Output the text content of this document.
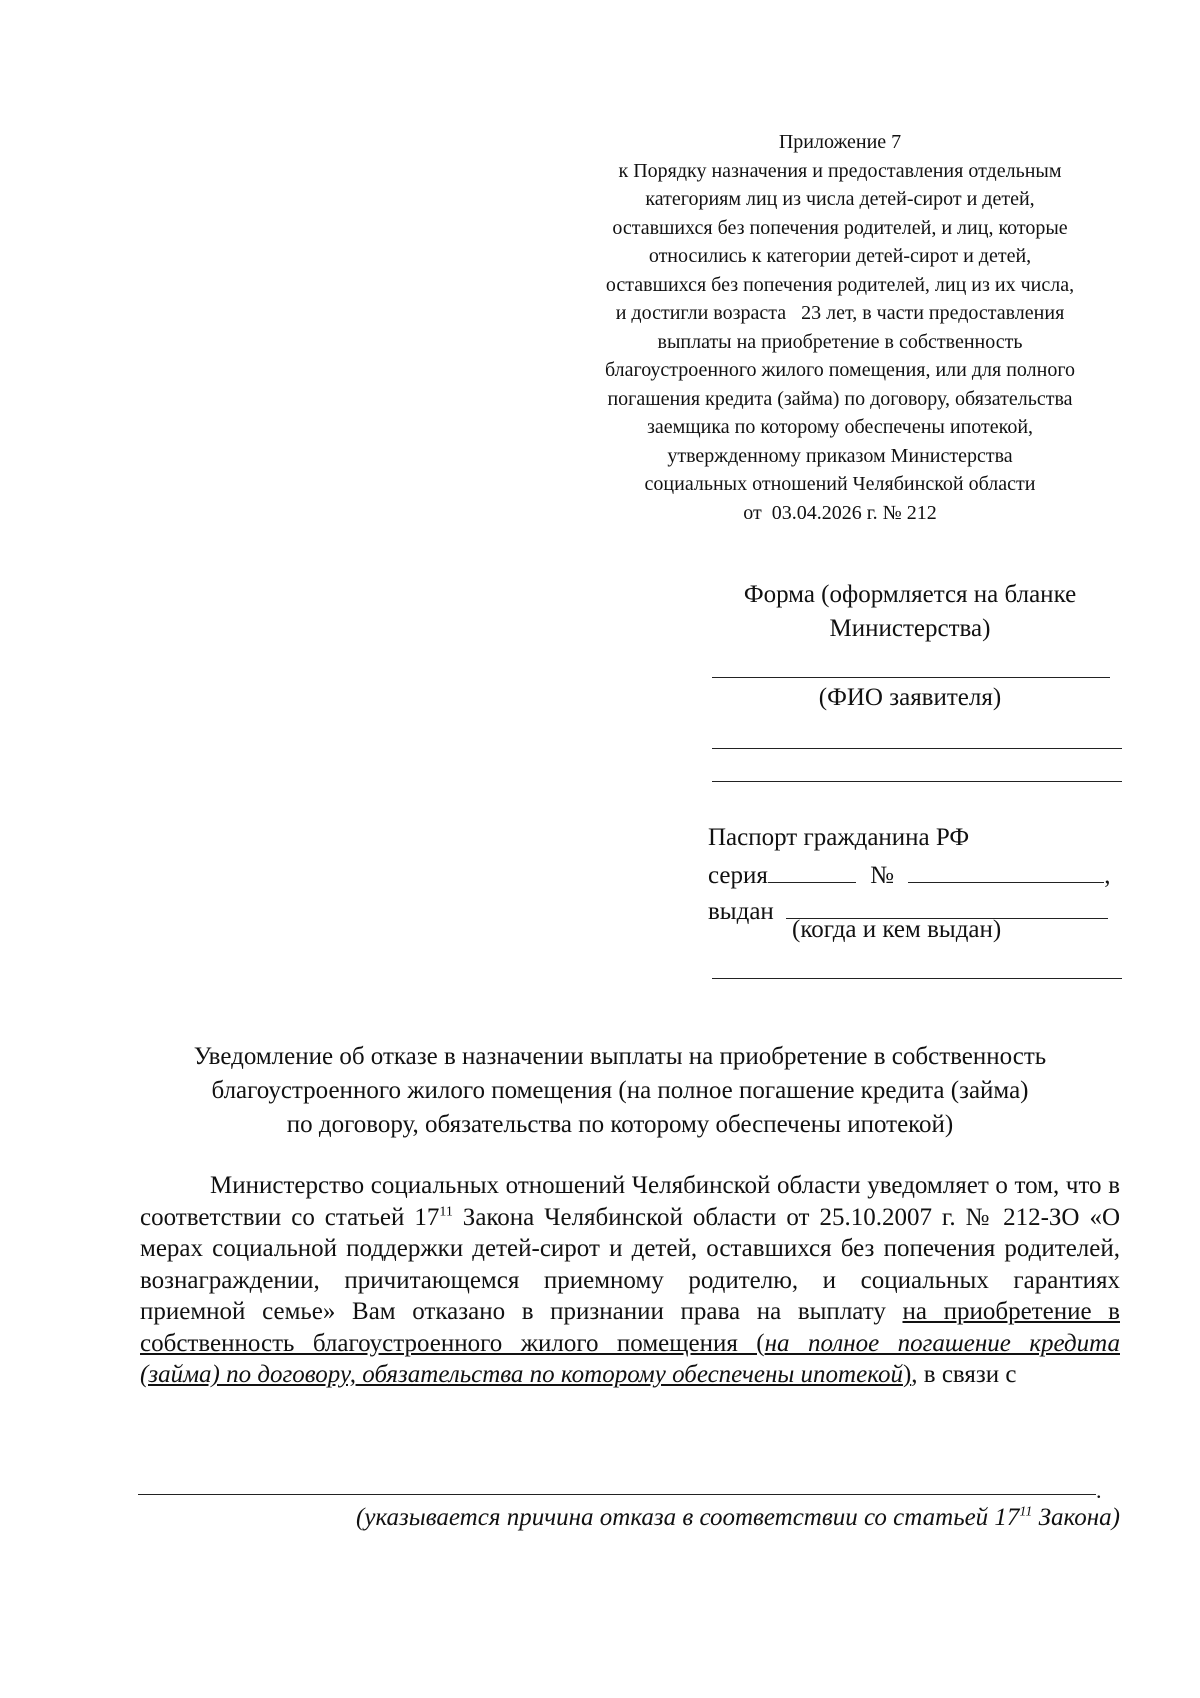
Приложение 7
к Порядку назначения и предоставления отдельным
категориям лиц из числа детей-сирот и детей,
оставшихся без попечения родителей, и лиц, которые
относились к категории детей-сирот и детей,
оставшихся без попечения родителей, лиц из их числа,
и достигли возраста   23 лет, в части предоставления
выплаты на приобретение в собственность
благоустроенного жилого помещения, или для полного
погашения кредита (займа) по договору, обязательства
заемщика по которому обеспечены ипотекой,
утвержденному приказом Министерства
социальных отношений Челябинской области
от  03.04.2026 г. № 212
Форма (оформляется на бланке
Министерства)
(ФИО заявителя)
Паспорт гражданина РФ
серия	№	,
выдан
(когда и кем выдан)
Уведомление об отказе в назначении выплаты на приобретение в собственность
благоустроенного жилого помещения (на полное погашение кредита (займа)
по договору, обязательства по которому обеспечены ипотекой)

Министерство социальных отношений Челябинской области уведомляет о том, что в соответствии со статьей $17^{11}$ Закона Челябинской области от 25.10.2007 г. № 212-ЗО «О мерах социальной поддержки детей-сирот и детей, оставшихся без попечения родителей, вознаграждении, причитающемся приемному родителю, и социальных гарантиях приемной семье» Вам отказано в признании права на выплату на приобретение в собственность благоустроенного жилого помещения (на полное погашение кредита (займа) по договору, обязательства по которому обеспечены ипотекой), в связи с

.
(указывается причина отказа в соответствии со статьей $17^{11}$ Закона)
